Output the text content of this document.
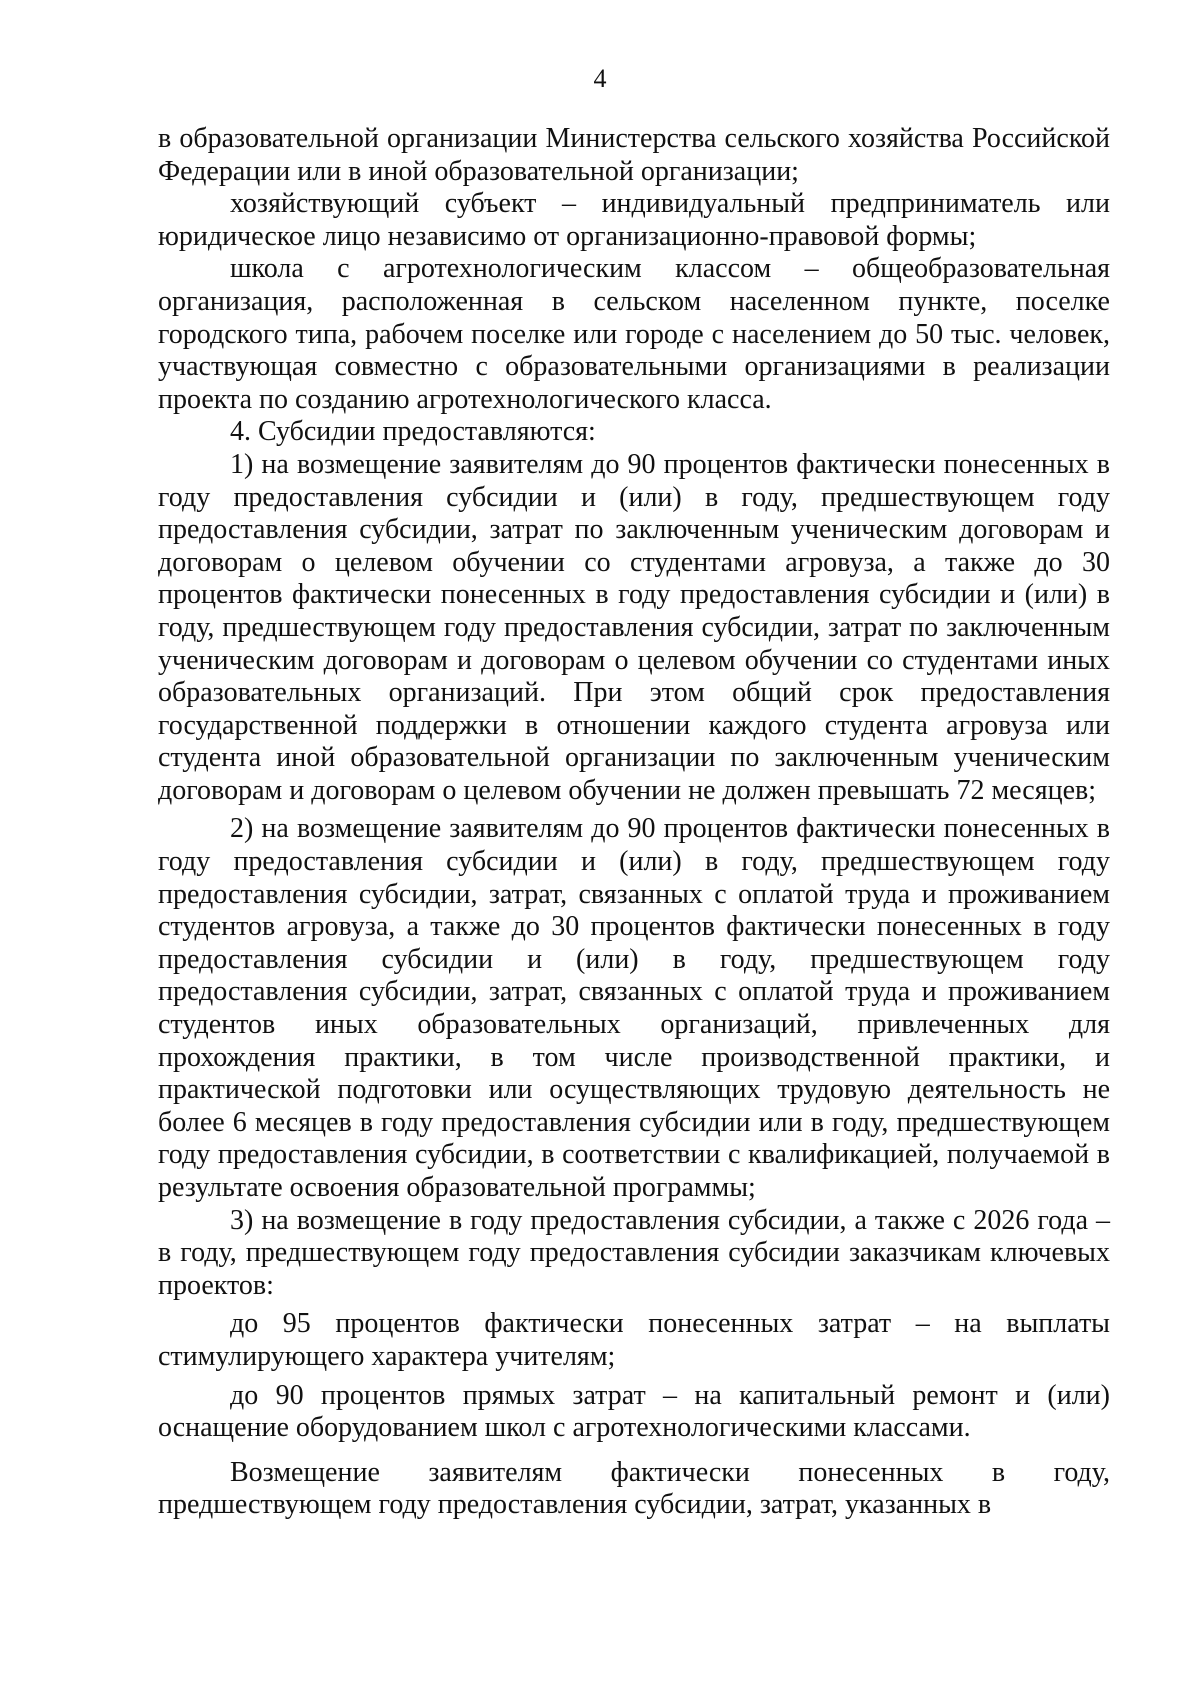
4

в образовательной организации Министерства сельского хозяйства Российской Федерации или в иной образовательной организации;

хозяйствующий субъект – индивидуальный предприниматель или юридическое лицо независимо от организационно-правовой формы;

школа с агротехнологическим классом – общеобразовательная организация, расположенная в сельском населенном пункте, поселке городского типа, рабочем поселке или городе с населением до 50 тыс. человек, участвующая совместно с образовательными организациями в реализации проекта по созданию агротехнологического класса.

4. Субсидии предоставляются:

1) на возмещение заявителям до 90 процентов фактически понесенных в году предоставления субсидии и (или) в году, предшествующем году предоставления субсидии, затрат по заключенным ученическим договорам и договорам о целевом обучении со студентами агровуза, а также до 30 процентов фактически понесенных в году предоставления субсидии и (или) в году, предшествующем году предоставления субсидии, затрат по заключенным ученическим договорам и договорам о целевом обучении со студентами иных образовательных организаций. При этом общий срок предоставления государственной поддержки в отношении каждого студента агровуза или студента иной образовательной организации по заключенным ученическим договорам и договорам о целевом обучении не должен превышать 72 месяцев;

2) на возмещение заявителям до 90 процентов фактически понесенных в году предоставления субсидии и (или) в году, предшествующем году предоставления субсидии, затрат, связанных с оплатой труда и проживанием студентов агровуза, а также до 30 процентов фактически понесенных в году предоставления субсидии и (или) в году, предшествующем году предоставления субсидии, затрат, связанных с оплатой труда и проживанием студентов иных образовательных организаций, привлеченных для прохождения практики, в том числе производственной практики, и практической подготовки или осуществляющих трудовую деятельность не более 6 месяцев в году предоставления субсидии или в году, предшествующем году предоставления субсидии, в соответствии с квалификацией, получаемой в результате освоения образовательной программы;

3) на возмещение в году предоставления субсидии, а также с 2026 года – в году, предшествующем году предоставления субсидии заказчикам ключевых проектов:

до 95 процентов фактически понесенных затрат – на выплаты стимулирующего характера учителям;

до 90 процентов прямых затрат – на капитальный ремонт и (или) оснащение оборудованием школ с агротехнологическими классами.

Возмещение заявителям фактически понесенных в году, предшествующем году предоставления субсидии, затрат, указанных в
